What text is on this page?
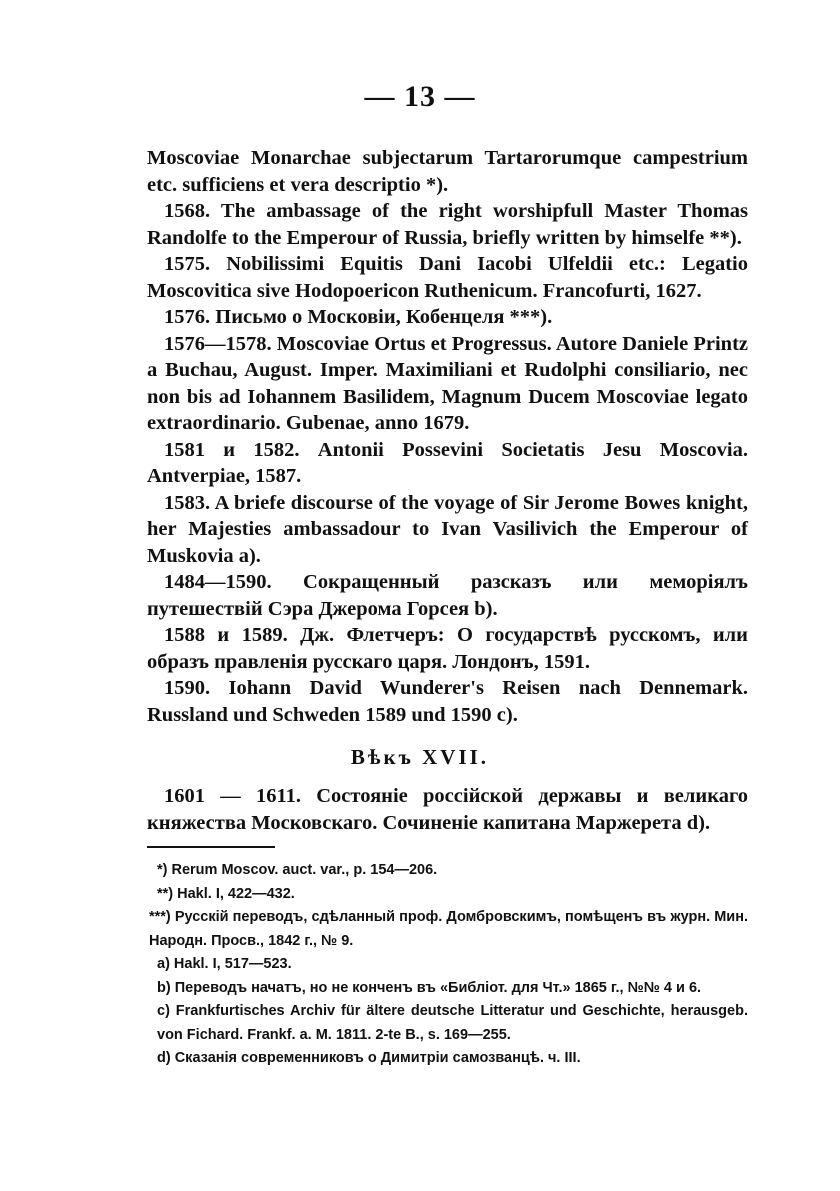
— 13 —

Moscoviae Monarchae subjectarum Tartarorumque campestrium etc. sufficiens et vera descriptio *).

1568. The ambassage of the right worshipfull Master Thomas Randolfe to the Emperour of Russia, briefly written by himselfe **).

1575. Nobilissimi Equitis Dani Iacobi Ulfeldii etc.: Legatio Moscovitica sive Hodopoericon Ruthenicum. Francofurti, 1627.

1576. Письмо о Московіи, Кобенцеля ***).

1576—1578. Moscoviae Ortus et Progressus. Autore Daniele Printz a Buchau, August. Imper. Maximiliani et Rudolphi consiliario, nec non bis ad Iohannem Basilidem, Magnum Ducem Moscoviae legato extraordinario. Gubenae, anno 1679.

1581 и 1582. Antonii Possevini Societatis Jesu Moscovia. Antverpiae, 1587.

1583. A briefe discourse of the voyage of Sir Jerome Bowes knight, her Majesties ambassadour to Ivan Vasilivich the Emperour of Muskovia a).

1484—1590. Сокращенный разсказъ или меморіялъ путешествій Сэра Джерома Горсея b).

1588 и 1589. Дж. Флетчеръ: О государствѣ русскомъ, или образъ правленія русскаго царя. Лондонъ, 1591.

1590. Iohann David Wunderer's Reisen nach Dennemark. Russland und Schweden 1589 und 1590 c).

Вѣкъ XVII.

1601 — 1611. Состояніе россійской державы и великаго княжества Московскаго. Сочиненіе капитана Маржерета d).

*) Rerum Moscov. auct. var., p. 154—206.

**) Hakl. I, 422—432.

***) Русскій переводъ, сдѣланный проф. Домбровскимъ, помѣщенъ въ журн. Мин. Народн. Просв., 1842 г., № 9.

a) Hakl. I, 517—523.

b) Переводъ начатъ, но не конченъ въ «Библіот. для Чт.» 1865 г., №№ 4 и 6.

c) Frankfurtisches Archiv für ältere deutsche Litteratur und Geschichte, herausgeb. von Fichard. Frankf. a. M. 1811. 2-te B., s. 169—255.

d) Сказанія современниковъ о Димитріи самозванцѣ. ч. III.
